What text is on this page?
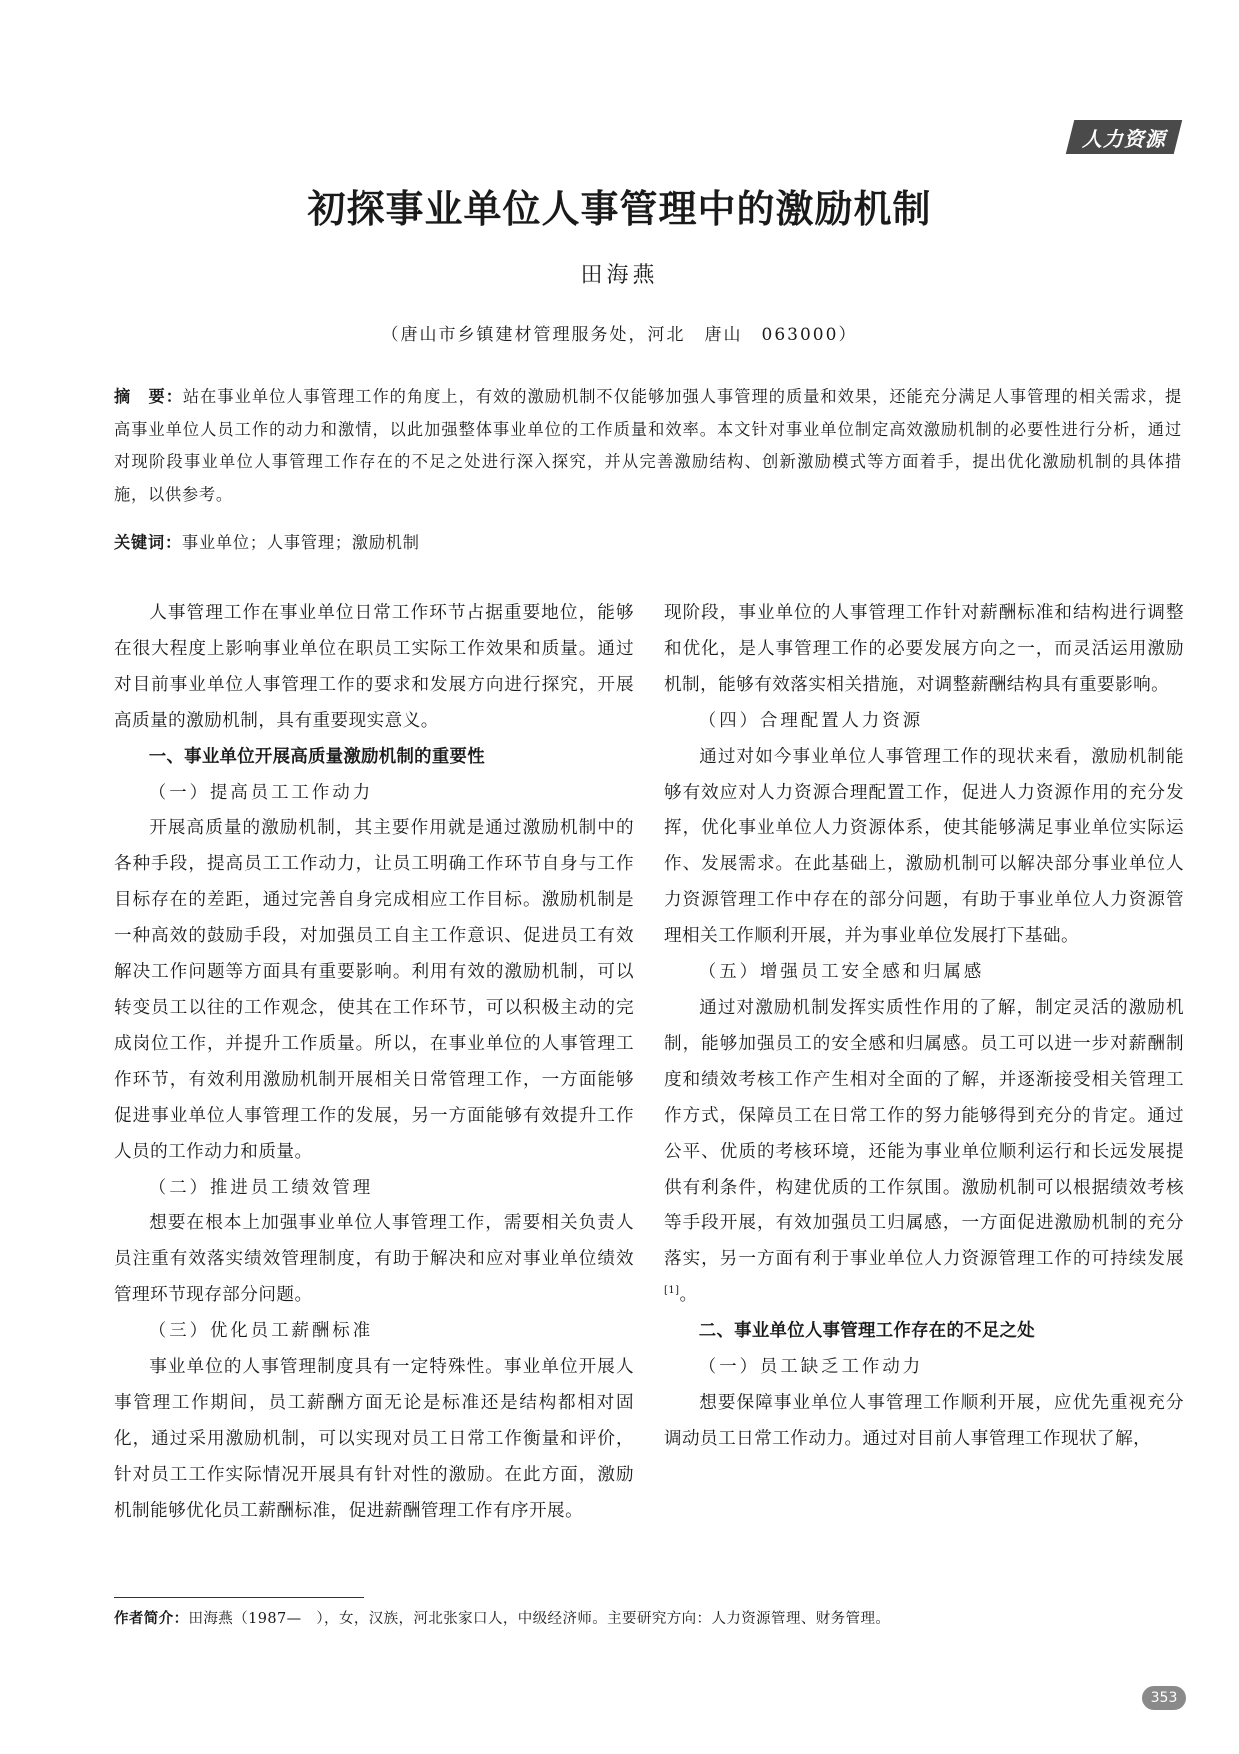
人力资源
初探事业单位人事管理中的激励机制

田海燕

（唐山市乡镇建材管理服务处，河北　唐山　063000）

摘　要：站在事业单位人事管理工作的角度上，有效的激励机制不仅能够加强人事管理的质量和效果，还能充分满足人事管理的相关需求，提高事业单位人员工作的动力和激情，以此加强整体事业单位的工作质量和效率。本文针对事业单位制定高效激励机制的必要性进行分析，通过对现阶段事业单位人事管理工作存在的不足之处进行深入探究，并从完善激励结构、创新激励模式等方面着手，提出优化激励机制的具体措施，以供参考。

关键词：事业单位；人事管理；激励机制

人事管理工作在事业单位日常工作环节占据重要地位，能够在很大程度上影响事业单位在职员工实际工作效果和质量。通过对目前事业单位人事管理工作的要求和发展方向进行探究，开展高质量的激励机制，具有重要现实意义。

一、事业单位开展高质量激励机制的重要性
（一）提高员工工作动力

开展高质量的激励机制，其主要作用就是通过激励机制中的各种手段，提高员工工作动力，让员工明确工作环节自身与工作目标存在的差距，通过完善自身完成相应工作目标。激励机制是一种高效的鼓励手段，对加强员工自主工作意识、促进员工有效解决工作问题等方面具有重要影响。利用有效的激励机制，可以转变员工以往的工作观念，使其在工作环节，可以积极主动的完成岗位工作，并提升工作质量。所以，在事业单位的人事管理工作环节，有效利用激励机制开展相关日常管理工作，一方面能够促进事业单位人事管理工作的发展，另一方面能够有效提升工作人员的工作动力和质量。

（二）推进员工绩效管理

想要在根本上加强事业单位人事管理工作，需要相关负责人员注重有效落实绩效管理制度，有助于解决和应对事业单位绩效管理环节现存部分问题。

（三）优化员工薪酬标准

事业单位的人事管理制度具有一定特殊性。事业单位开展人事管理工作期间，员工薪酬方面无论是标准还是结构都相对固化，通过采用激励机制，可以实现对员工日常工作衡量和评价，针对员工工作实际情况开展具有针对性的激励。在此方面，激励机制能够优化员工薪酬标准，促进薪酬管理工作有序开展。

现阶段，事业单位的人事管理工作针对薪酬标准和结构进行调整和优化，是人事管理工作的必要发展方向之一，而灵活运用激励机制，能够有效落实相关措施，对调整薪酬结构具有重要影响。

（四）合理配置人力资源

通过对如今事业单位人事管理工作的现状来看，激励机制能够有效应对人力资源合理配置工作，促进人力资源作用的充分发挥，优化事业单位人力资源体系，使其能够满足事业单位实际运作、发展需求。在此基础上，激励机制可以解决部分事业单位人力资源管理工作中存在的部分问题，有助于事业单位人力资源管理相关工作顺利开展，并为事业单位发展打下基础。

（五）增强员工安全感和归属感

通过对激励机制发挥实质性作用的了解，制定灵活的激励机制，能够加强员工的安全感和归属感。员工可以进一步对薪酬制度和绩效考核工作产生相对全面的了解，并逐渐接受相关管理工作方式，保障员工在日常工作的努力能够得到充分的肯定。通过公平、优质的考核环境，还能为事业单位顺利运行和长远发展提供有利条件，构建优质的工作氛围。激励机制可以根据绩效考核等手段开展，有效加强员工归属感，一方面促进激励机制的充分落实，另一方面有利于事业单位人力资源管理工作的可持续发展[1]。

二、事业单位人事管理工作存在的不足之处
（一）员工缺乏工作动力

想要保障事业单位人事管理工作顺利开展，应优先重视充分调动员工日常工作动力。通过对目前人事管理工作现状了解，

作者简介：田海燕（1987—　），女，汉族，河北张家口人，中级经济师。主要研究方向：人力资源管理、财务管理。

353
